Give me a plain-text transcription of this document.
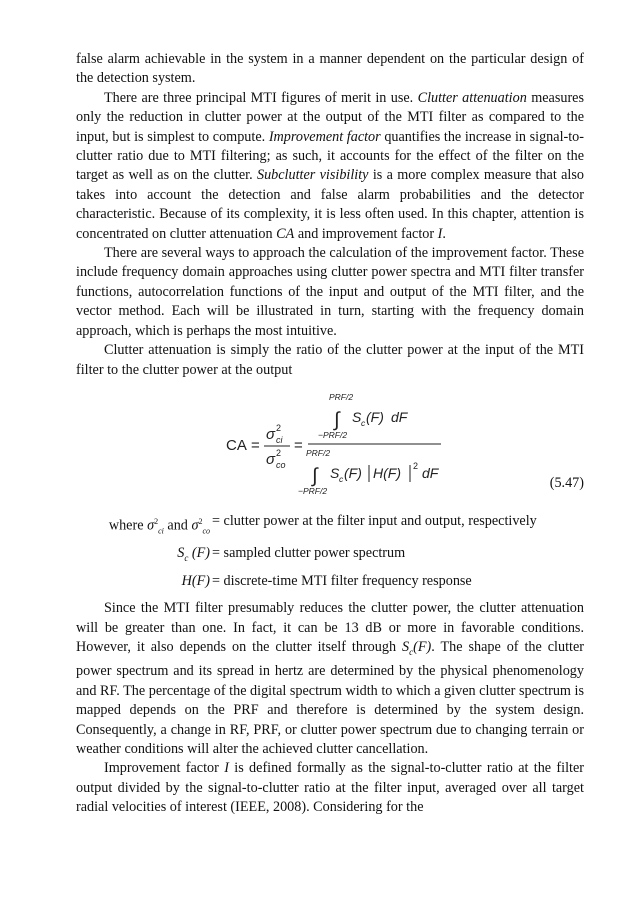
false alarm achievable in the system in a manner dependent on the particular design of the detection system.

There are three principal MTI figures of merit in use. Clutter attenuation measures only the reduction in clutter power at the output of the MTI filter as compared to the input, but is simplest to compute. Improvement factor quantifies the increase in signal-to-clutter ratio due to MTI filtering; as such, it accounts for the effect of the filter on the target as well as on the clutter. Subclutter visibility is a more complex measure that also takes into account the detection and false alarm probabilities and the detector characteristic. Because of its complexity, it is less often used. In this chapter, attention is concentrated on clutter attenuation CA and improvement factor I.

There are several ways to approach the calculation of the improvement factor. These include frequency domain approaches using clutter power spectra and MTI filter transfer functions, autocorrelation functions of the input and output of the MTI filter, and the vector method. Each will be illustrated in turn, starting with the frequency domain approach, which is perhaps the most intuitive.

Clutter attenuation is simply the ratio of the clutter power at the input of the MTI filter to the clutter power at the output

CA =
σ 2
ci
σ 2
co
=
PRF/2
∫
−PRF/2
S c (F) dF
PRF/2
∫
−PRF/2
S c (F) H(F) 2 dF
(5.47)
where $\sigma^2_{ci}$ and $\sigma^2_{co}$
= clutter power at the filter input and output, respectively
$S_c$ (F) = sampled clutter power spectrum
H(F) = discrete-time MTI filter frequency response

Since the MTI filter presumably reduces the clutter power, the clutter attenuation will be greater than one. In fact, it can be 13 dB or more in favorable conditions. However, it also depends on the clutter itself through $S_c(F)$. The shape of the clutter power spectrum and its spread in hertz are determined by the physical phenomenology and RF. The percentage of the digital spectrum width to which a given clutter spectrum is mapped depends on the PRF and therefore is determined by the system design. Consequently, a change in RF, PRF, or clutter power spectrum due to changing terrain or weather conditions will alter the achieved clutter cancellation.

Improvement factor I is defined formally as the signal-to-clutter ratio at the filter output divided by the signal-to-clutter ratio at the filter input, averaged over all target radial velocities of interest (IEEE, 2008). Considering for the
